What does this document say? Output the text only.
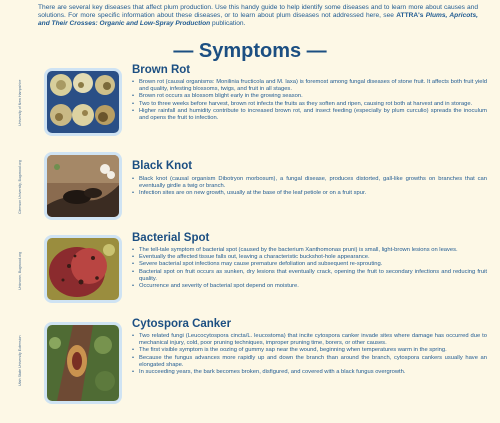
There are several key diseases that affect plum production. Use this handy guide to help identify some diseases and to learn more about causes and solutions. For more specific information about these diseases, or to learn about plum diseases not addressed here, see ATTRA's Plums, Apricots, and Their Crosses: Organic and Low-Spray Production publication.
— Symptoms —
University of New Hampshire
Brown Rot
• Brown rot (causal organisms: Monilinia fructicola and M. laxa) is foremost among fungal diseases of stone fruit. It affects both fruit yield and quality, infesting blossoms, twigs, and fruit in all stages.
• Brown rot occurs as blossom blight early in the growing season.
• Two to three weeks before harvest, brown rot infects the fruits as they soften and ripen, causing rot both at harvest and in storage.
• Higher rainfall and humidity contribute to increased brown rot, and insect feeding (especially by plum curculio) spreads the inoculum and opens the fruit to infection.
Clemson University, Bugwood.org	Black Knot
• Black knot (causal organism Dibotryon morbosum), a fungal disease, produces distorted, gall-like growths on branches that can eventually girdle a twig or branch.
• Infection sites are on new growth, usually at the base of the leaf petiole or on a fruit spur.
Unknown, Bugwood.org
Bacterial Spot
• The tell-tale symptom of bacterial spot (caused by the bacterium Xanthomonas pruni) is small, light-brown lesions on leaves.
• Eventually the affected tissue falls out, leaving a characteristic buckshot-hole appearance.
• Severe bacterial spot infections may cause premature defoliation and subsequent re-sprouting.
• Bacterial spot on fruit occurs as sunken, dry lesions that eventually crack, opening the fruit to secondary infections and reducing fruit quality.
• Occurrence and severity of bacterial spot depend on moisture.
Utah State University Extension
Cytospora Canker
• Two related fungi (Leucocytospora cincta/L. leucostoma) that incite cytospora canker invade sites where damage has occurred due to mechanical injury, cold, poor pruning techniques, improper pruning time, borers, or other causes.
• The first visible symptom is the oozing of gummy sap near the wound, beginning when temperatures warm in the spring.
• Because the fungus advances more rapidly up and down the branch than around the branch, cytospora cankers usually have an elongated shape.
• In succeeding years, the bark becomes broken, disfigured, and covered with a black fungus overgrowth.
